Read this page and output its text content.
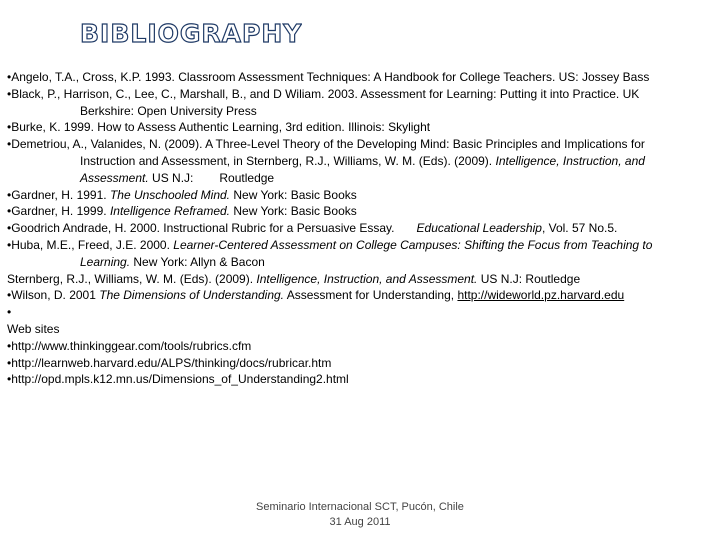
BIBLIOGRAPHY
•Angelo, T.A., Cross, K.P. 1993. Classroom Assessment Techniques: A Handbook for College Teachers. US: Jossey Bass
•Black, P., Harrison, C., Lee, C., Marshall, B., and D Wiliam. 2003. Assessment for Learning: Putting it into Practice. UK
Berkshire: Open University Press
•Burke, K. 1999. How to Assess Authentic Learning, 3rd edition. Illinois: Skylight
•Demetriou, A., Valanides, N. (2009). A Three-Level Theory of the Developing Mind: Basic Principles and Implications for
Instruction and Assessment, in Sternberg, R.J., Williams, W. M. (Eds). (2009). Intelligence, Instruction, and
Assessment. US N.J: Routledge
•Gardner, H. 1991. The Unschooled Mind. New York: Basic Books
•Gardner, H. 1999. Intelligence Reframed. New York: Basic Books
•Goodrich Andrade, H. 2000. Instructional Rubric for a Persuasive Essay. Educational Leadership, Vol. 57 No.5.
•Huba, M.E., Freed, J.E. 2000. Learner-Centered Assessment on College Campuses: Shifting the Focus from Teaching to
Learning. New York: Allyn & Bacon
Sternberg, R.J., Williams, W. M. (Eds). (2009). Intelligence, Instruction, and Assessment. US N.J: Routledge
•Wilson, D. 2001 The Dimensions of Understanding. Assessment for Understanding, http://wideworld.pz.harvard.edu
•
Web sites
•http://www.thinkinggear.com/tools/rubrics.cfm
•http://learnweb.harvard.edu/ALPS/thinking/docs/rubricar.htm
•http://opd.mpls.k12.mn.us/Dimensions_of_Understanding2.html
Seminario Internacional SCT, Pucón, Chile
31 Aug 2011
